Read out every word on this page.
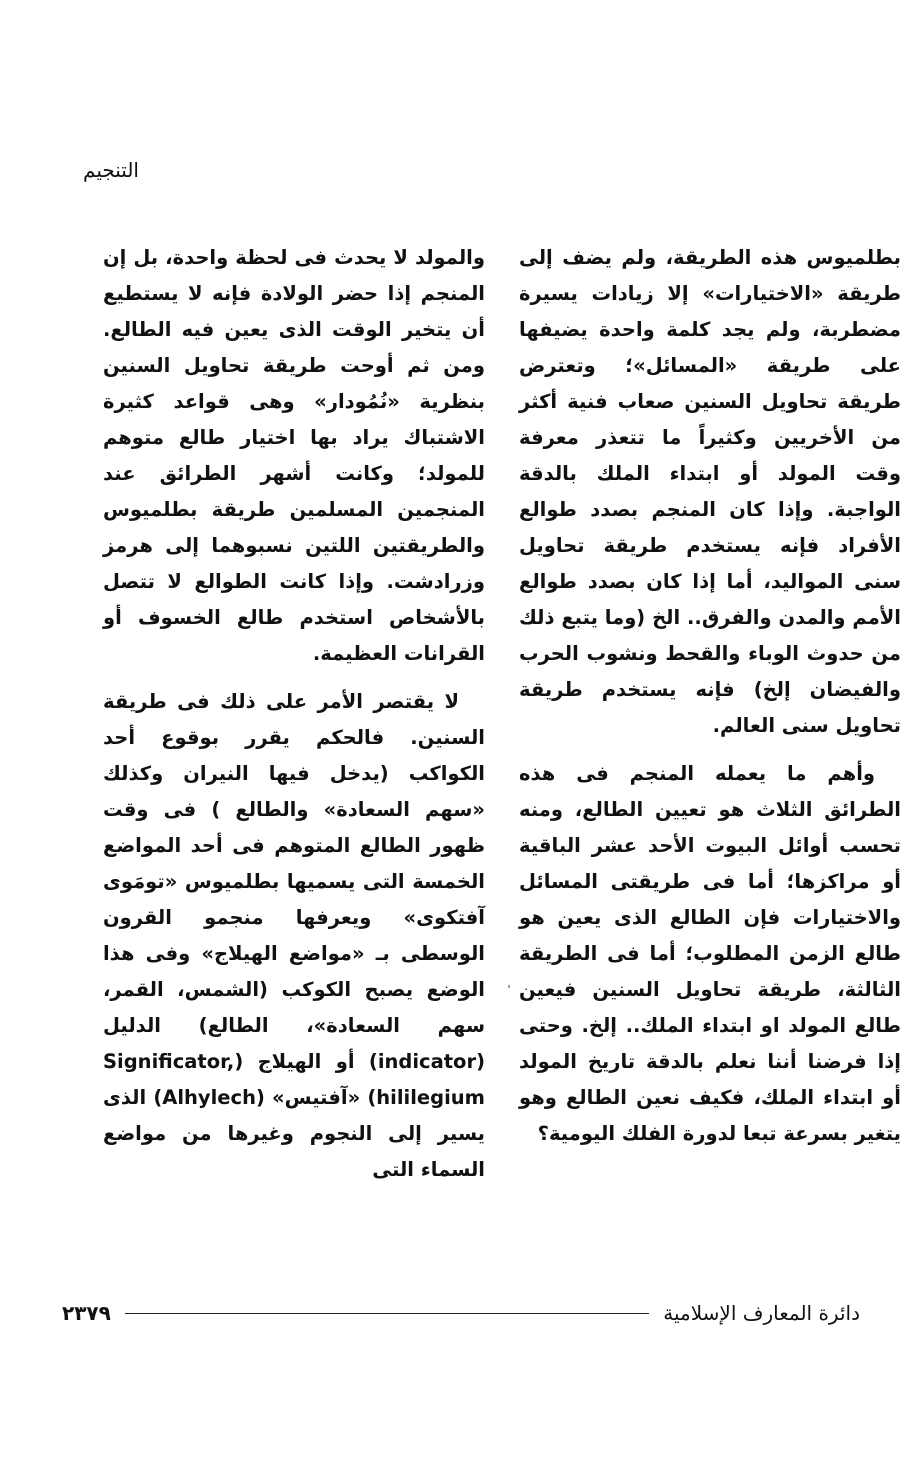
التنجيم

بطلميوس هذه الطريقة، ولم يضف إلى طريقة «الاختيارات» إلا زيادات يسيرة مضطربة، ولم يجد كلمة واحدة يضيفها على طريقة «المسائل»؛ وتعترض طريقة تحاويل السنين صعاب فنية أكثر من الأخريين وكثيراً ما تتعذر معرفة وقت المولد أو ابتداء الملك بالدقة الواجبة. وإذا كان المنجم بصدد طوالع الأفراد فإنه يستخدم طريقة تحاويل سنى المواليد، أما إذا كان بصدد طوالع الأمم والمدن والفرق.. الخ (وما يتبع ذلك من حدوث الوباء والقحط ونشوب الحرب والفيضان إلخ) فإنه يستخدم طريقة تحاويل سنى العالم.

وأهم ما يعمله المنجم فى هذه الطرائق الثلاث هو تعيين الطالع، ومنه تحسب أوائل البيوت الأحد عشر الباقية أو مراكزها؛ أما فى طريقتى المسائل والاختيارات فإن الطالع الذى يعين هو طالع الزمن المطلوب؛ أما فى الطريقة الثالثة، طريقة تحاويل السنين فيعين طالع المولد او ابتداء الملك.. إلخ. وحتى إذا فرضنا أننا نعلم بالدقة تاريخ المولد أو ابتداء الملك، فكيف نعين الطالع وهو يتغير بسرعة تبعا لدورة الفلك اليومية؟

والمولد لا يحدث فى لحظة واحدة، بل إن المنجم إذا حضر الولادة فإنه لا يستطيع أن يتخير الوقت الذى يعين فيه الطالع. ومن ثم أوحت طريقة تحاويل السنين بنظرية «نُمُودار» وهى قواعد كثيرة الاشتباك يراد بها اختيار طالع متوهم للمولد؛ وكانت أشهر الطرائق عند المنجمين المسلمين طريقة بطلميوس والطريقتين اللتين نسبوهما إلى هرمز وزرادشت. وإذا كانت الطوالع لا تتصل بالأشخاص استخدم طالع الخسوف أو القرانات العظيمة.

لا يقتصر الأمر على ذلك فى طريقة السنين. فالحكم يقرر بوقوع أحد الكواكب (يدخل فيها النيران وكذلك «سهم السعادة» والطالع ) فى وقت ظهور الطالع المتوهم فى أحد المواضع الخمسة التى يسميها بطلميوس «تومَوى آفتكوى» ويعرفها منجمو القرون الوسطى بـ «مواضع الهيلاج» وفى هذا الوضع يصبح الكوكب (الشمس، القمر، سهم السعادة»، الطالع) الدليل (indicator) أو الهيلاج (Significator, hililegium) «آفتيس» (Alhylech) الذى يسير إلى النجوم وغيرها من مواضع السماء التى

٢٣٧٩	دائرة المعارف الإسلامية
